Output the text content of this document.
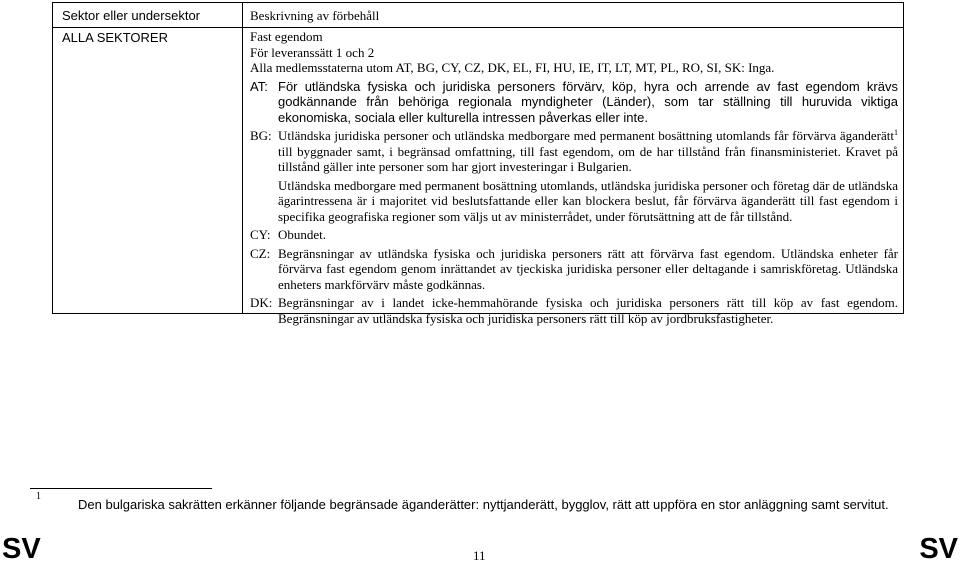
Sektor eller undersektor	Beskrivning av förbehåll
ALLA SEKTORER	Fast egendom
För leveranssätt 1 och 2
Alla medlemsstaterna utom AT, BG, CY, CZ, DK, EL, FI, HU, IE, IT, LT, MT, PL, RO, SI, SK: Inga.
AT: För utländska fysiska och juridiska personers förvärv, köp, hyra och arrende av fast egendom krävs godkännande från behöriga regionala myndigheter (Länder), som tar ställning till huruvida viktiga ekonomiska, sociala eller kulturella intressen påverkas eller inte.
BG: Utländska juridiska personer och utländska medborgare med permanent bosättning utomlands får förvärva äganderätt$^1$ till byggnader samt, i begränsad omfattning, till fast egendom, om de har tillstånd från finansministeriet. Kravet på tillstånd gäller inte personer som har gjort investeringar i Bulgarien.
Utländska medborgare med permanent bosättning utomlands, utländska juridiska personer och företag där de utländska ägarintressena är i majoritet vid beslutsfattande eller kan blockera beslut, får förvärva äganderätt till fast egendom i specifika geografiska regioner som väljs ut av ministerrådet, under förutsättning att de får tillstånd.
CY: Obundet.
CZ: Begränsningar av utländska fysiska och juridiska personers rätt att förvärva fast egendom. Utländska enheter får förvärva fast egendom genom inrättandet av tjeckiska juridiska personer eller deltagande i samriskföretag. Utländska enheters markförvärv måste godkännas.
DK: Begränsningar av i landet icke-hemmahörande fysiska och juridiska personers rätt till köp av fast egendom. Begränsningar av utländska fysiska och juridiska personers rätt till köp av jordbruksfastigheter.
1
Den bulgariska sakrätten erkänner följande begränsade äganderätter: nyttjanderätt, bygglov, rätt att uppföra en stor anläggning samt servitut.
SV	11	SV
